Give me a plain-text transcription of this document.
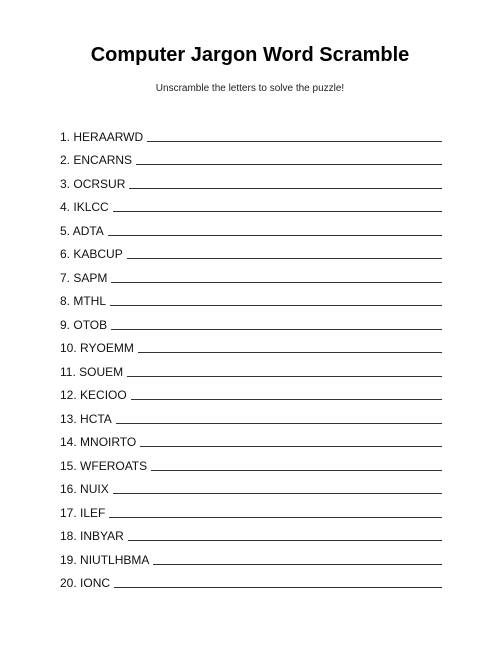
Computer Jargon Word Scramble

Unscramble the letters to solve the puzzle!

1. HERAARWD
2. ENCARNS
3. OCRSUR
4. IKLCC
5. ADTA
6. KABCUP
7. SAPM
8. MTHL
9. OTOB
10. RYOEMM
11. SOUEM
12. KECIOO
13. HCTA
14. MNOIRTO
15. WFEROATS
16. NUIX
17. ILEF
18. INBYAR
19. NIUTLHBMA
20. IONC
